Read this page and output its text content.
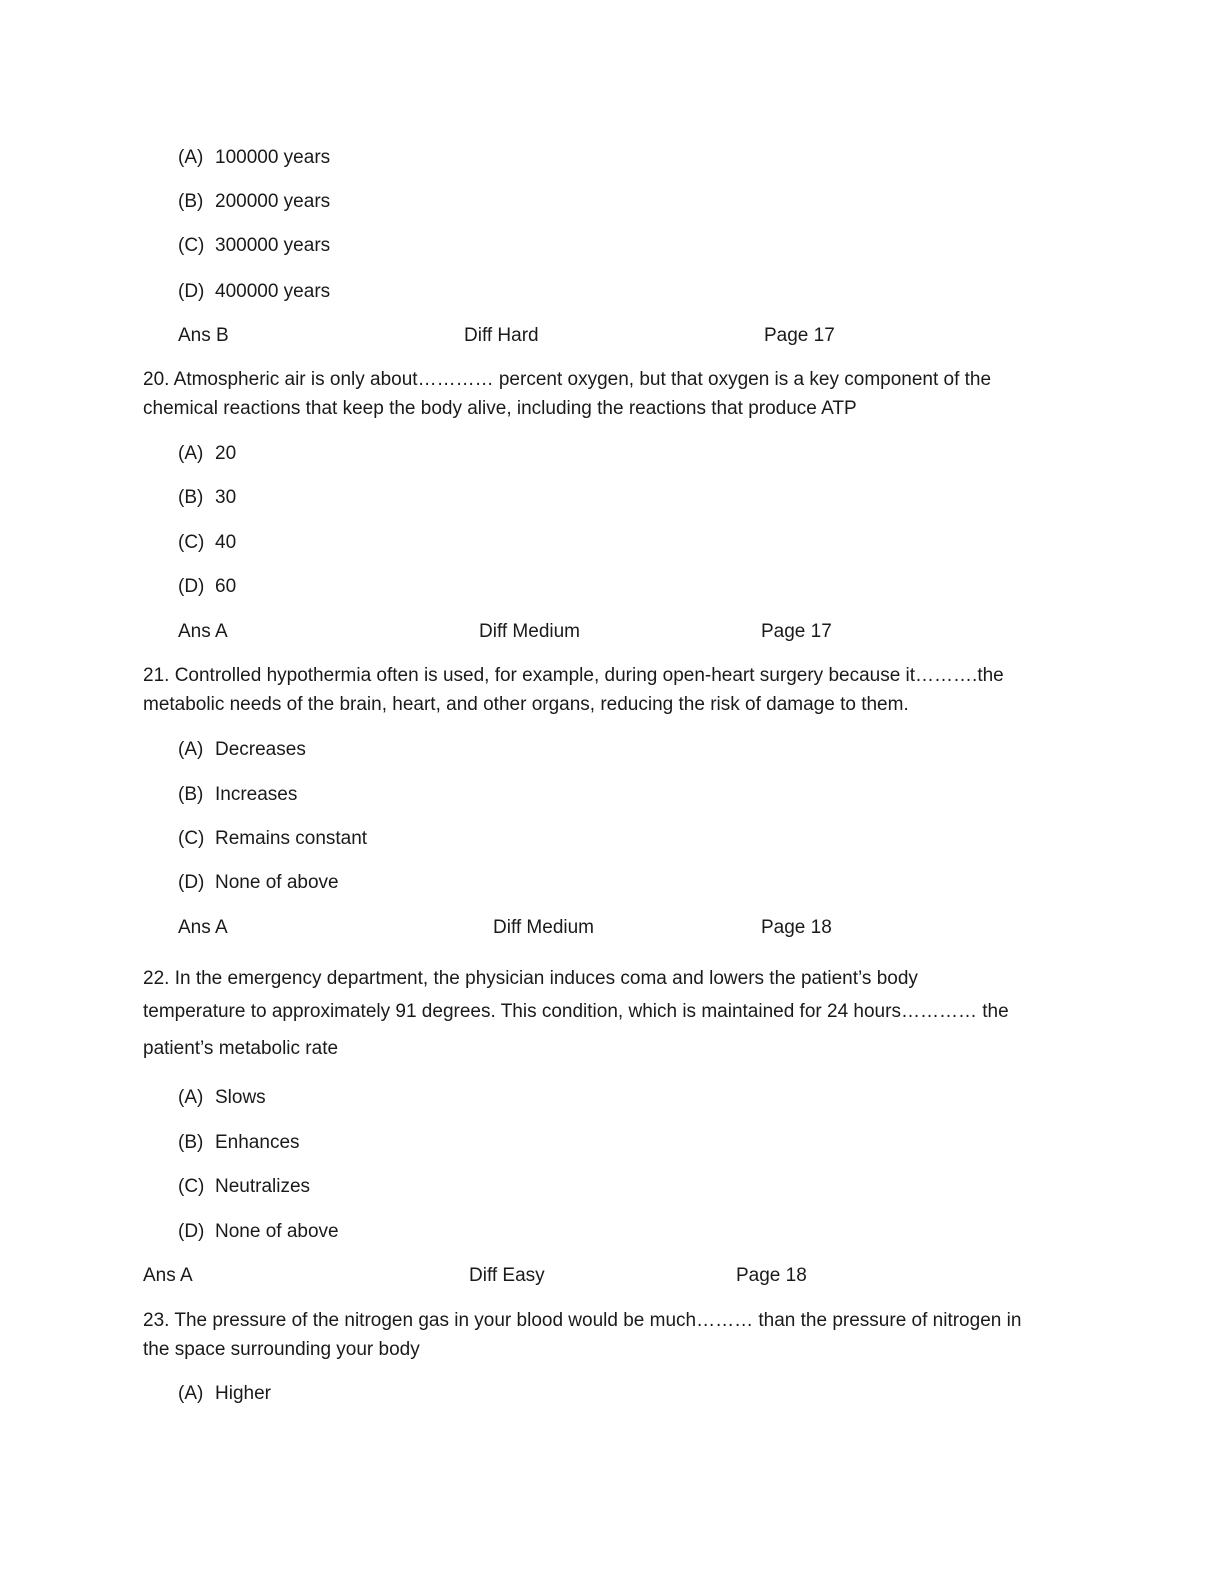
(A) 100000 years
(B) 200000 years
(C) 300000 years
(D) 400000 years
Ans B	Diff Hard	Page 17
20. Atmospheric air is only about………… percent oxygen, but that oxygen is a key component of the
chemical reactions that keep the body alive, including the reactions that produce ATP
(A) 20
(B) 30
(C) 40
(D) 60
Ans A	Diff Medium	Page 17
21. Controlled hypothermia often is used, for example, during open-heart surgery because it……….the
metabolic needs of the brain, heart, and other organs, reducing the risk of damage to them.
(A) Decreases
(B) Increases
(C) Remains constant
(D) None of above
Ans A	Diff Medium	Page 18
22. In the emergency department, the physician induces coma and lowers the patient’s body
temperature to approximately 91 degrees. This condition, which is maintained for 24 hours………… the
patient’s metabolic rate
(A) Slows
(B) Enhances
(C) Neutralizes
(D) None of above
Ans A	Diff Easy	Page 18
23. The pressure of the nitrogen gas in your blood would be much……… than the pressure of nitrogen in
the space surrounding your body
(A) Higher
